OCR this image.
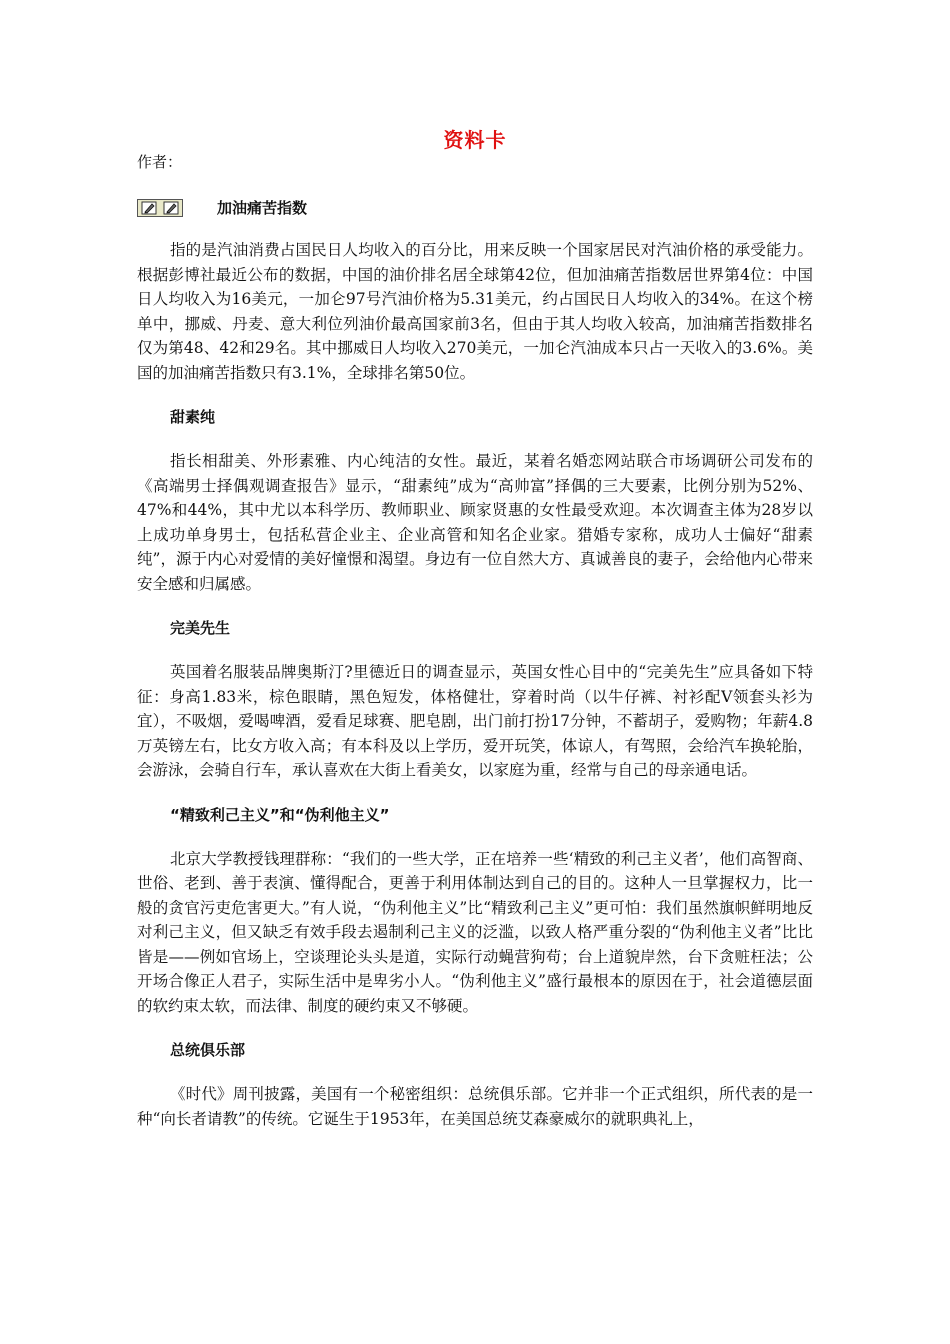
资料卡
作者：
加油痛苦指数

指的是汽油消费占国民日人均收入的百分比，用来反映一个国家居民对汽油价格的承受能力。根据彭博社最近公布的数据，中国的油价排名居全球第42位，但加油痛苦指数居世界第4位：中国日人均收入为16美元，一加仑97号汽油价格为5.31美元，约占国民日人均收入的34%。在这个榜单中，挪威、丹麦、意大利位列油价最高国家前3名，但由于其人均收入较高，加油痛苦指数排名仅为第48、42和29名。其中挪威日人均收入270美元，一加仑汽油成本只占一天收入的3.6%。美国的加油痛苦指数只有3.1%，全球排名第50位。

甜素纯

指长相甜美、外形素雅、内心纯洁的女性。最近，某着名婚恋网站联合市场调研公司发布的《高端男士择偶观调查报告》显示，“甜素纯”成为“高帅富”择偶的三大要素，比例分别为52%、47%和44%，其中尤以本科学历、教师职业、顾家贤惠的女性最受欢迎。本次调查主体为28岁以上成功单身男士，包括私营企业主、企业高管和知名企业家。猎婚专家称，成功人士偏好“甜素纯”，源于内心对爱情的美好憧憬和渴望。身边有一位自然大方、真诚善良的妻子，会给他内心带来安全感和归属感。

完美先生

英国着名服装品牌奥斯汀?里德近日的调查显示，英国女性心目中的“完美先生”应具备如下特征：身高1.83米，棕色眼睛，黑色短发，体格健壮，穿着时尚（以牛仔裤、衬衫配V领套头衫为宜），不吸烟，爱喝啤酒，爱看足球赛、肥皂剧，出门前打扮17分钟，不蓄胡子，爱购物；年薪4.8万英镑左右，比女方收入高；有本科及以上学历，爱开玩笑，体谅人，有驾照，会给汽车换轮胎，会游泳，会骑自行车，承认喜欢在大街上看美女，以家庭为重，经常与自己的母亲通电话。

“精致利己主义”和“伪利他主义”

北京大学教授钱理群称：“我们的一些大学，正在培养一些‘精致的利己主义者’，他们高智商、世俗、老到、善于表演、懂得配合，更善于利用体制达到自己的目的。这种人一旦掌握权力，比一般的贪官污吏危害更大。”有人说，“伪利他主义”比“精致利己主义”更可怕：我们虽然旗帜鲜明地反对利己主义，但又缺乏有效手段去遏制利己主义的泛滥，以致人格严重分裂的“伪利他主义者”比比皆是——例如官场上，空谈理论头头是道，实际行动蝇营狗苟；台上道貌岸然，台下贪赃枉法；公开场合像正人君子，实际生活中是卑劣小人。“伪利他主义”盛行最根本的原因在于，社会道德层面的软约束太软，而法律、制度的硬约束又不够硬。

总统俱乐部

《时代》周刊披露，美国有一个秘密组织：总统俱乐部。它并非一个正式组织，所代表的是一种“向长者请教”的传统。它诞生于1953年，在美国总统艾森豪威尔的就职典礼上，
